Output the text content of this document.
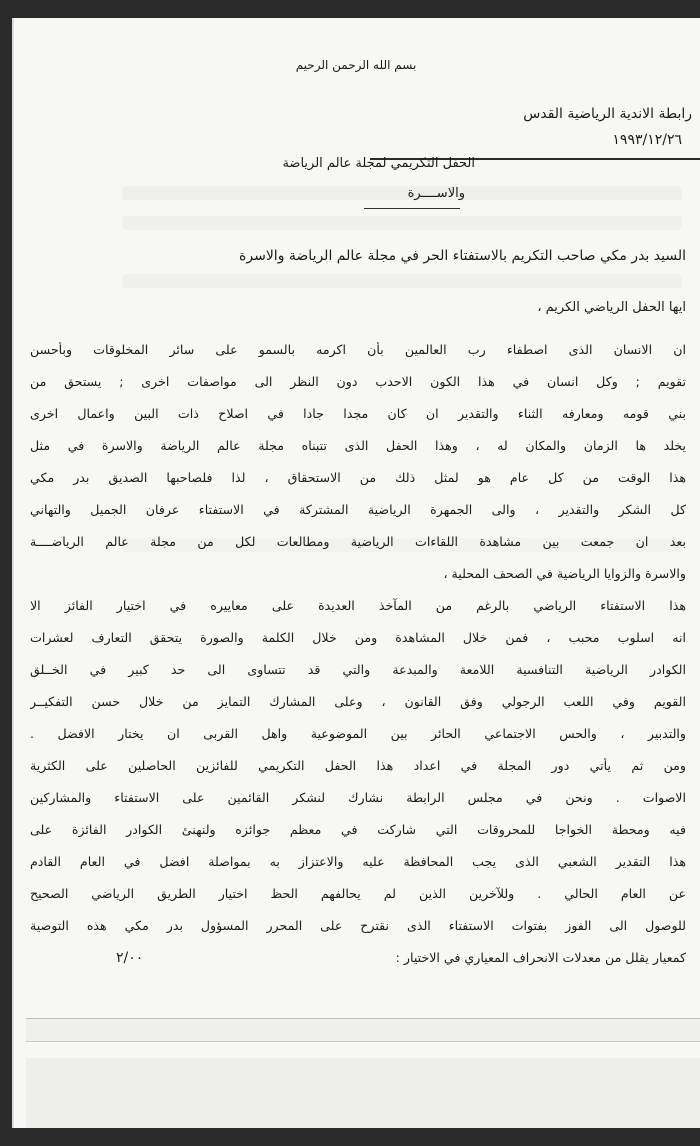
بسم الله الرحمن الرحيم
رابطة الاندية الرياضية القدس
١٩٩٣/١٢/٢٦
الحفل التكريمي لمجلة عالم الرياضة
والاســــرة
السيد بدر مكي صاحب التكريم بالاستفتاء الحر في مجلة عالم الرياضة والاسرة
ايها الحفل الرياضي الكريم ،

ان الانسان الذى اصطفاء رب العالمين بأن اكرمه بالسمو على سائر المخلوقات وبأحسن

تقويم ; وكل انسان في هذا الكون الاحدب دون النظر الى مواصفات اخرى ; يستحق من

بني قومه ومعارفه الثناء والتقدير ان كان مجدا جادا في اصلاح ذات البين واعمال اخرى

يخلد ها الزمان والمكان له ، وهذا الحفل الذى تتبناه مجلة عالم الرياضة والاسرة في مثل

هذا الوقت من كل عام هو لمثل ذلك من الاستحقاق ، لذا فلصاحبها الصديق بدر مكي

كل الشكر والتقدير ، والى الجمهرة الرياضية المشتركة في الاستفتاء عرفان الجميل والتهاني

بعد ان جمعت بين مشاهدة اللقاءات الرياضية ومطالعات لكل من مجلة عالم الرياضــــة

والاسرة والزوايا الرياضية في الصحف المحلية ،

هذا الاستفتاء الرياضي بالرغم من المآخذ العديدة على معاييره في اختيار الفائز الا

انه اسلوب محبب ، فمن خلال المشاهدة ومن خلال الكلمة والصورة يتحقق التعارف لعشرات

الكوادر الرياضية التنافسية اللامعة والمبدعة والتي قد تتساوى الى حد كبير في الخــلق

القويم وفي اللعب الرجولي وفق القانون ، وعلى المشارك التمايز من خلال حسن التفكيــر

والتدبير ، والحس الاجتماعي الحائر بين الموضوعية واهل القربى ان يختار الافضل .

ومن ثم يأتي دور المجلة في اعداد هذا الحفل التكريمي للفائزين الحاصلين على الكثرية

الاصوات . ونحن في مجلس الرابطة نشارك لنشكر القائمين على الاستفتاء والمشاركين

فيه ومحطة الخواجا للمحروقات التي شاركت في معظم جوائزه ولنهنئ الكوادر الفائزة على

هذا التقدير الشعبي الذى يجب المحافظة عليه والاعتزاز به بمواصلة افضل في العام القادم

عن العام الحالي . وللآخرين الذين لم يحالفهم الحظ اختيار الطريق الرياضي الصحيح

للوصول الى الفوز بفتوات الاستفتاء الذى نقترح على المحرر المسؤول بدر مكي هذه التوصية

كمعيار يقلل من معدلات الانحراف المعياري في الاختيار :

٢/٠٠
